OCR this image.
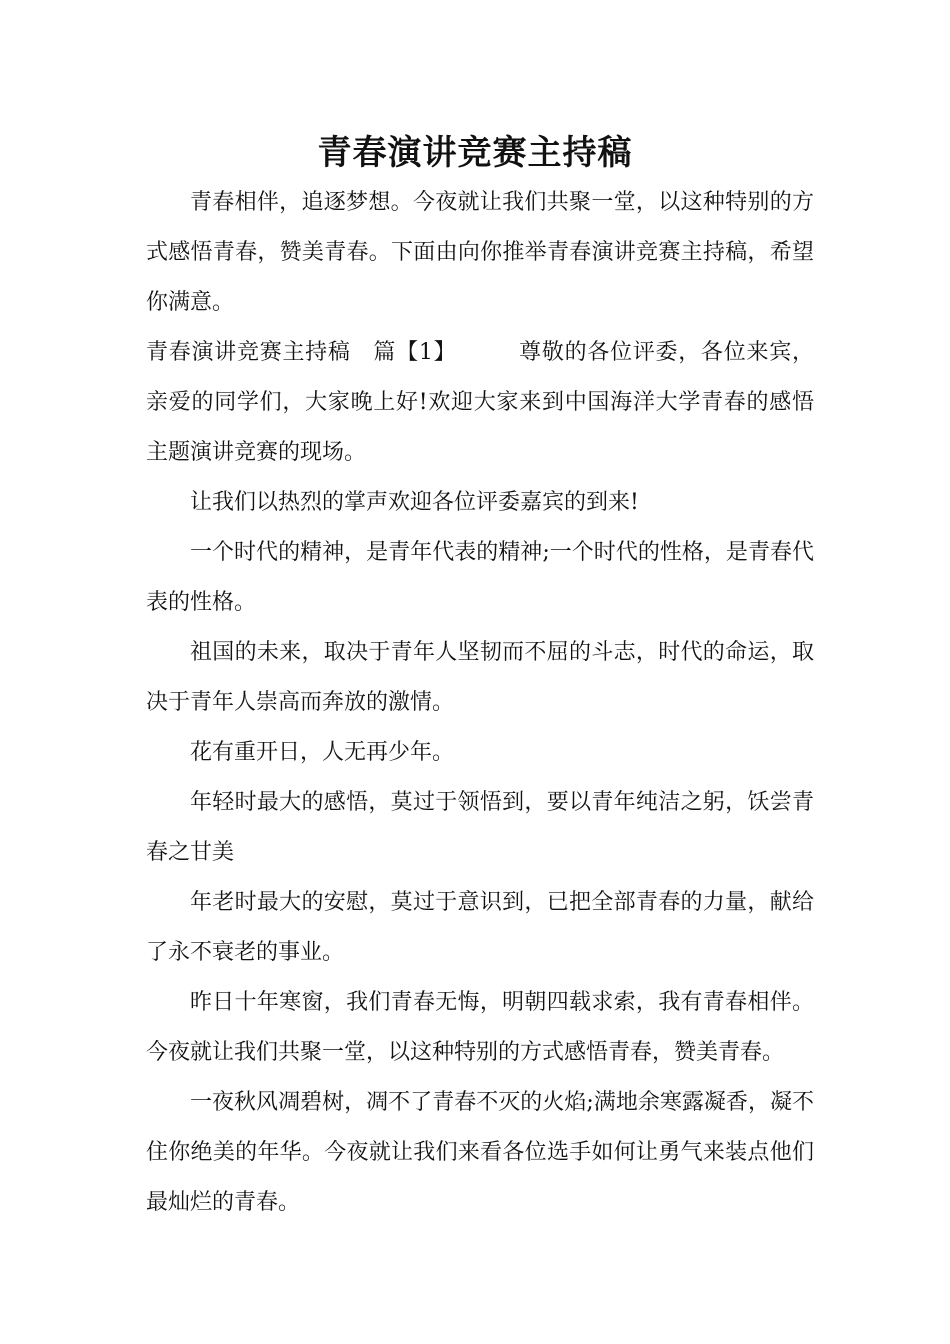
青春演讲竞赛主持稿

青春相伴，追逐梦想。今夜就让我们共聚一堂，以这种特别的方式感悟青春，赞美青春。下面由向你推举青春演讲竞赛主持稿，希望你满意。

青春演讲竞赛主持稿 篇【1】	尊敬的各位评委，各位来宾，亲爱的同学们，大家晚上好!欢迎大家来到中国海洋大学青春的感悟主题演讲竞赛的现场。

让我们以热烈的掌声欢迎各位评委嘉宾的到来!

一个时代的精神，是青年代表的精神;一个时代的性格，是青春代表的性格。

祖国的未来，取决于青年人坚韧而不屈的斗志，时代的命运，取决于青年人崇高而奔放的激情。

花有重开日，人无再少年。

年轻时最大的感悟，莫过于领悟到，要以青年纯洁之躬，饫尝青春之甘美

年老时最大的安慰，莫过于意识到，已把全部青春的力量，献给了永不衰老的事业。

昨日十年寒窗，我们青春无悔，明朝四载求索，我有青春相伴。今夜就让我们共聚一堂，以这种特别的方式感悟青春，赞美青春。

一夜秋风凋碧树，凋不了青春不灭的火焰;满地余寒露凝香，凝不住你绝美的年华。今夜就让我们来看各位选手如何让勇气来装点他们最灿烂的青春。
